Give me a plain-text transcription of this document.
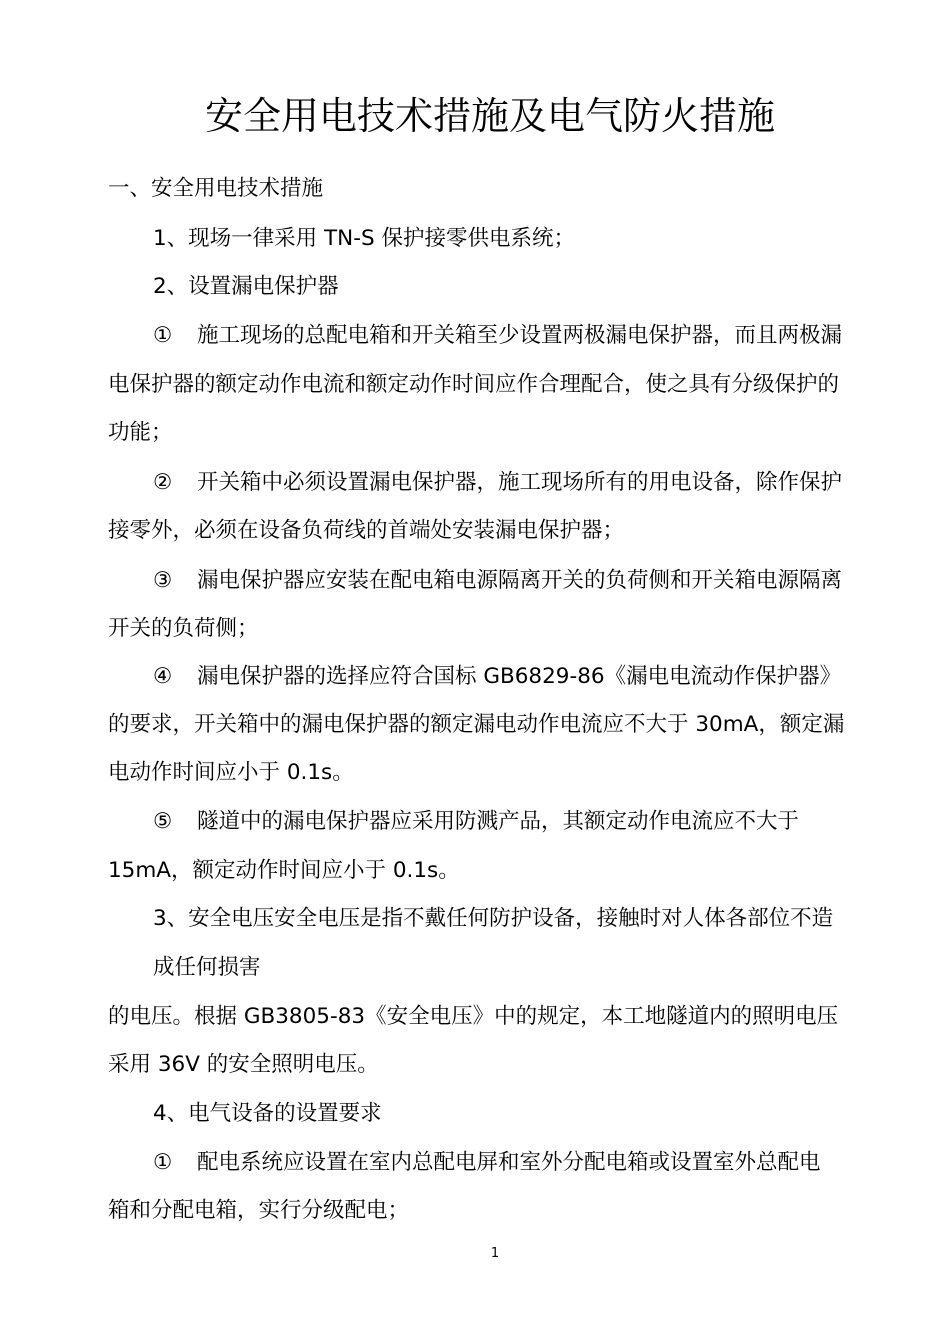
安全用电技术措施及电气防火措施
一、安全用电技术措施
1、现场一律采用 TN-S 保护接零供电系统；
2、设置漏电保护器
① 施工现场的总配电箱和开关箱至少设置两极漏电保护器，而且两极漏
电保护器的额定动作电流和额定动作时间应作合理配合，使之具有分级保护的
功能；
② 开关箱中必须设置漏电保护器，施工现场所有的用电设备，除作保护
接零外，必须在设备负荷线的首端处安装漏电保护器；
③ 漏电保护器应安装在配电箱电源隔离开关的负荷侧和开关箱电源隔离
开关的负荷侧；
④ 漏电保护器的选择应符合国标 GB6829-86《漏电电流动作保护器》
的要求，开关箱中的漏电保护器的额定漏电动作电流应不大于 30mA，额定漏
电动作时间应小于 0.1s。
⑤ 隧道中的漏电保护器应采用防溅产品，其额定动作电流应不大于
15mA，额定动作时间应小于 0.1s。
3、安全电压安全电压是指不戴任何防护设备，接触时对人体各部位不造
成任何损害
的电压。根据 GB3805-83《安全电压》中的规定，本工地隧道内的照明电压
采用 36V 的安全照明电压。
4、电气设备的设置要求
① 配电系统应设置在室内总配电屏和室外分配电箱或设置室外总配电
箱和分配电箱，实行分级配电；
1
